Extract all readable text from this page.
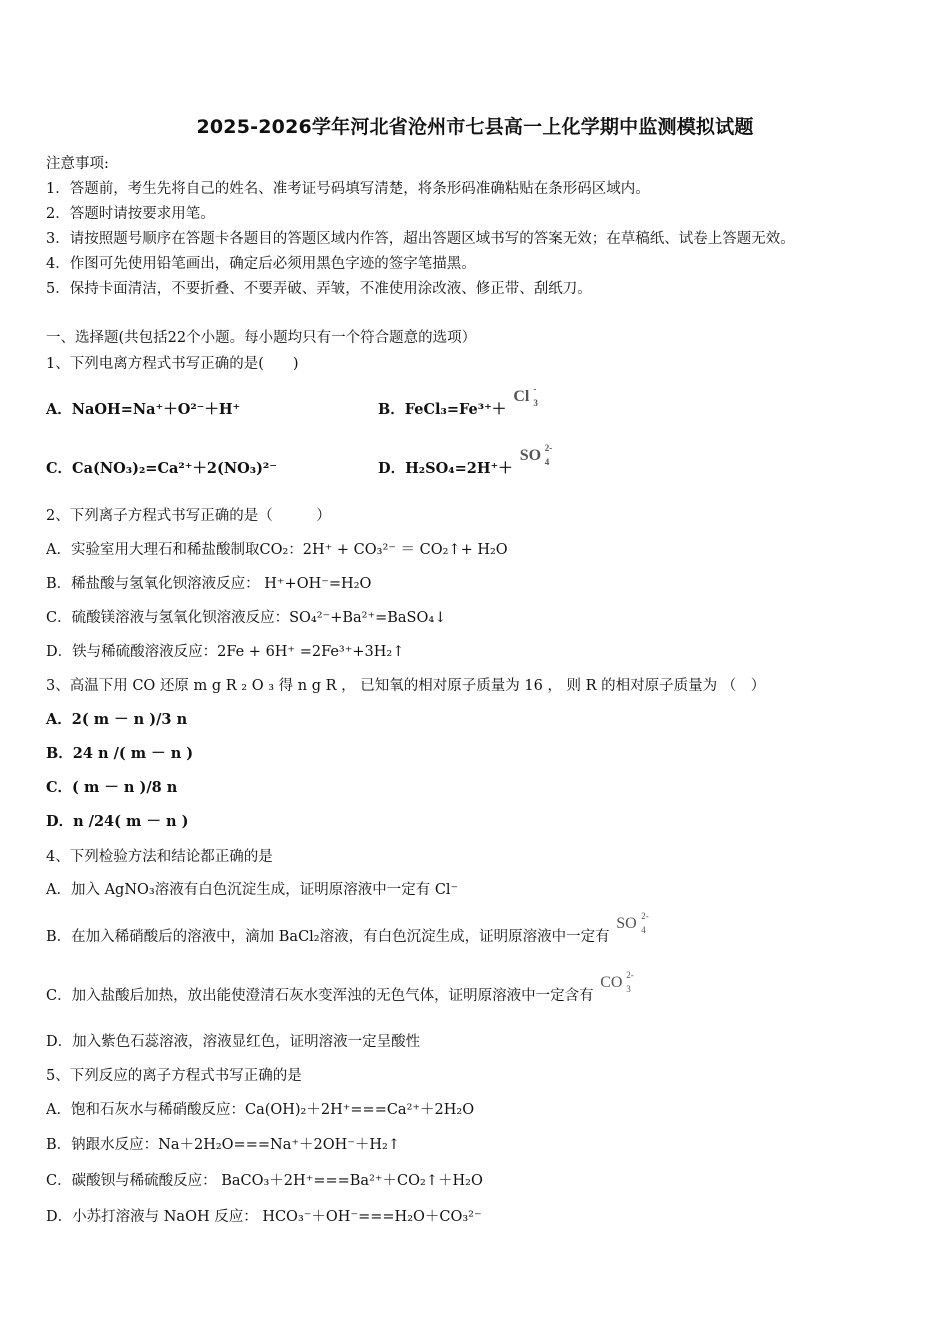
2025-2026学年河北省沧州市七县高一上化学期中监测模拟试题
注意事项:
1．答题前，考生先将自己的姓名、准考证号码填写清楚，将条形码准确粘贴在条形码区域内。
2．答题时请按要求用笔。
3．请按照题号顺序在答题卡各题目的答题区域内作答，超出答题区域书写的答案无效；在草稿纸、试卷上答题无效。
4．作图可先使用铅笔画出，确定后必须用黑色字迹的签字笔描黑。
5．保持卡面清洁，不要折叠、不要弄破、弄皱，不准使用涂改液、修正带、刮纸刀。
一、选择题(共包括22个小题。每小题均只有一个符合题意的选项）
1、下列电离方程式书写正确的是(　　)
A．NaOH=Na⁺＋O²⁻＋H⁺	B．FeCl₃=Fe³⁺＋
Cl -
3
C．Ca(NO₃)₂=Ca²⁺＋2(NO₃)²⁻	D．H₂SO₄=2H⁺＋
SO 2-
4
2、下列离子方程式书写正确的是（　　　）
A．实验室用大理石和稀盐酸制取CO₂：2H⁺ + CO₃²⁻ ＝ CO₂↑+ H₂O
B．稀盐酸与氢氧化钡溶液反应： H⁺+OH⁻=H₂O
C．硫酸镁溶液与氢氧化钡溶液反应：SO₄²⁻+Ba²⁺=BaSO₄↓
D．铁与稀硫酸溶液反应：2Fe + 6H⁺ =2Fe³⁺+3H₂↑
3、高温下用 CO 还原 m g R ₂ O ₃ 得 n g R ， 已知氧的相对原子质量为 16 ， 则 R 的相对原子质量为 （　）
A．2( m － n )/3 n
B．24 n /( m － n )
C．( m － n )/8 n
D．n /24( m － n )
4、下列检验方法和结论都正确的是
A．加入 AgNO₃溶液有白色沉淀生成，证明原溶液中一定有 Cl⁻
B．在加入稀硝酸后的溶液中，滴加 BaCl₂溶液，有白色沉淀生成，证明原溶液中一定有
SO 2-
4
C．加入盐酸后加热，放出能使澄清石灰水变浑浊的无色气体，证明原溶液中一定含有
CO 2-
3
D．加入紫色石蕊溶液，溶液显红色，证明溶液一定呈酸性
5、下列反应的离子方程式书写正确的是
A．饱和石灰水与稀硝酸反应：Ca(OH)₂＋2H⁺===Ca²⁺＋2H₂O
B．钠跟水反应：Na＋2H₂O===Na⁺＋2OH⁻＋H₂↑
C．碳酸钡与稀硫酸反应： BaCO₃＋2H⁺===Ba²⁺＋CO₂↑＋H₂O
D．小苏打溶液与 NaOH 反应： HCO₃⁻＋OH⁻===H₂O＋CO₃²⁻
